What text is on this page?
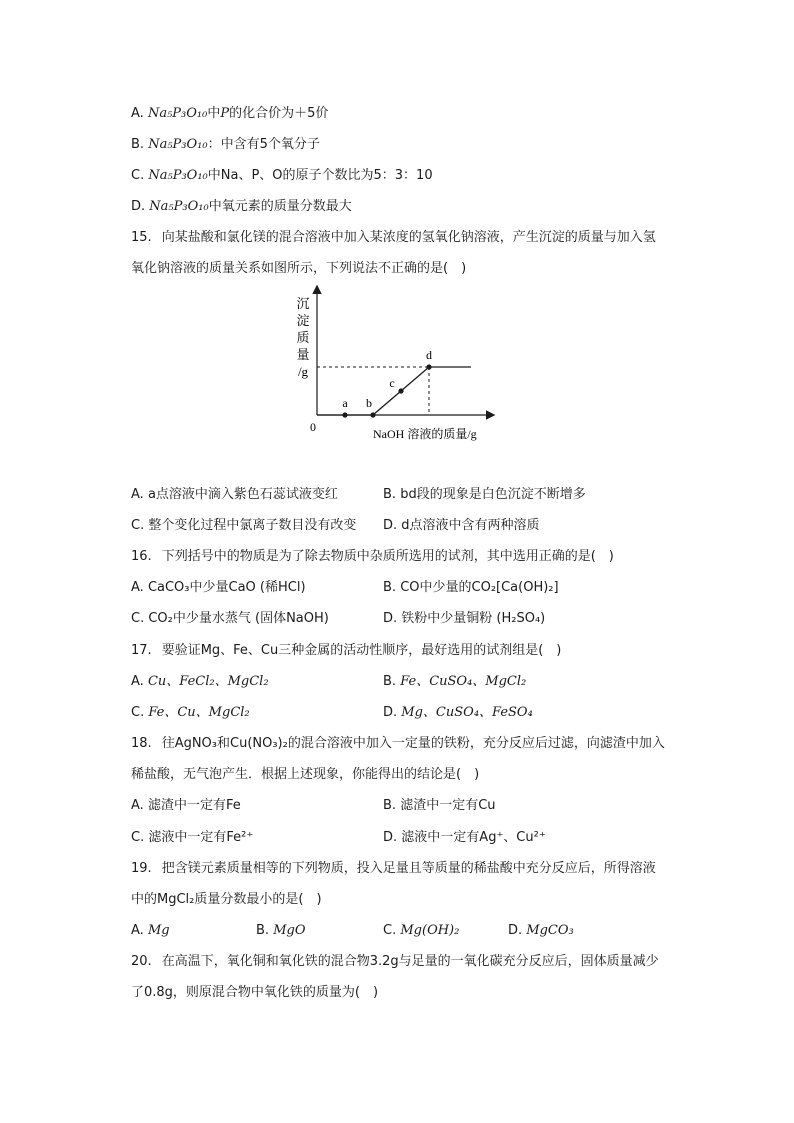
A. Na₅P₃O₁₀中P的化合价为＋5价
B. Na₅P₃O₁₀：中含有5个氧分子
C. Na₅P₃O₁₀中Na、P、O的原子个数比为5：3：10
D. Na₅P₃O₁₀中氧元素的质量分数最大
15. 向某盐酸和氯化镁的混合溶液中加入某浓度的氢氧化钠溶液，产生沉淀的质量与加入氢
氧化钠溶液的质量关系如图所示，下列说法不正确的是(　)
沉
淀
质
量
/g
0	NaOH 溶液的质量/g
a b
c
d
A. a点溶液中滴入紫色石蕊试液变红	B. bd段的现象是白色沉淀不断增多
C. 整个变化过程中氯离子数目没有改变 D. d点溶液中含有两种溶质
16. 下列括号中的物质是为了除去物质中杂质所选用的试剂，其中选用正确的是(　)
A. CaCO₃中少量CaO (稀HCl)	B. CO中少量的CO₂[Ca(OH)₂]
C. CO₂中少量水蒸气 (固体NaOH)	D. 铁粉中少量铜粉 (H₂SO₄)
17. 要验证Mg、Fe、Cu三种金属的活动性顺序，最好选用的试剂组是(　)
A. Cu、FeCl₂、MgCl₂	B. Fe、CuSO₄、MgCl₂
C. Fe、Cu、MgCl₂	D. Mg、CuSO₄、FeSO₄
18. 往AgNO₃和Cu(NO₃)₂的混合溶液中加入一定量的铁粉，充分反应后过滤，向滤渣中加入
稀盐酸，无气泡产生．根据上述现象，你能得出的结论是(　)
A. 滤渣中一定有Fe	B. 滤渣中一定有Cu
C. 滤液中一定有Fe²⁺	D. 滤液中一定有Ag⁺、Cu²⁺
19. 把含镁元素质量相等的下列物质，投入足量且等质量的稀盐酸中充分反应后，所得溶液
中的MgCl₂质量分数最小的是(　)
A. Mg	B. MgO	C. Mg(OH)₂	D. MgCO₃
20. 在高温下，氧化铜和氧化铁的混合物3.2g与足量的一氧化碳充分反应后，固体质量减少
了0.8g，则原混合物中氧化铁的质量为(　)
